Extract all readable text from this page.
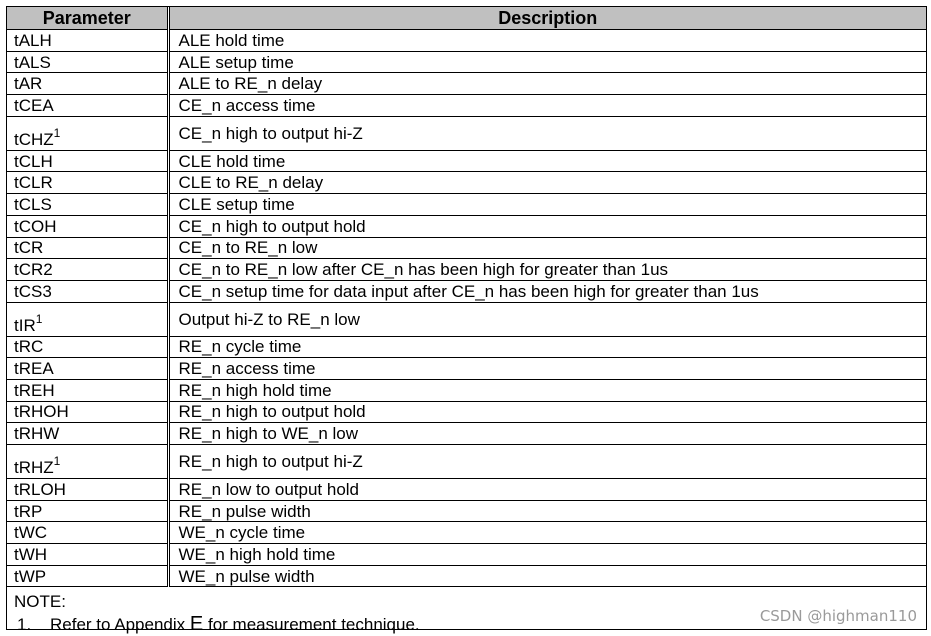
Parameter	Description
tALH	ALE hold time
tALS	ALE setup time
tAR	ALE to RE_n delay
tCEA	CE_n access time
tCHZ$^1$	CE_n high to output hi-Z
tCLH	CLE hold time
tCLR	CLE to RE_n delay
tCLS	CLE setup time
tCOH	CE_n high to output hold
tCR	CE_n to RE_n low
tCR2	CE_n to RE_n low after CE_n has been high for greater than 1us
tCS3	CE_n setup time for data input after CE_n has been high for greater than 1us
tIR$^1$	Output hi-Z to RE_n low
tRC	RE_n cycle time
tREA	RE_n access time
tREH	RE_n high hold time
tRHOH	RE_n high to output hold
tRHW	RE_n high to WE_n low
tRHZ$^1$	RE_n high to output hi-Z
tRLOH	RE_n low to output hold
tRP	RE_n pulse width
tWC	WE_n cycle time
tWH	WE_n high hold time
tWP	WE_n pulse width
NOTE:
1. Refer to Appendix E for measurement technique.	CSDN @highman110
